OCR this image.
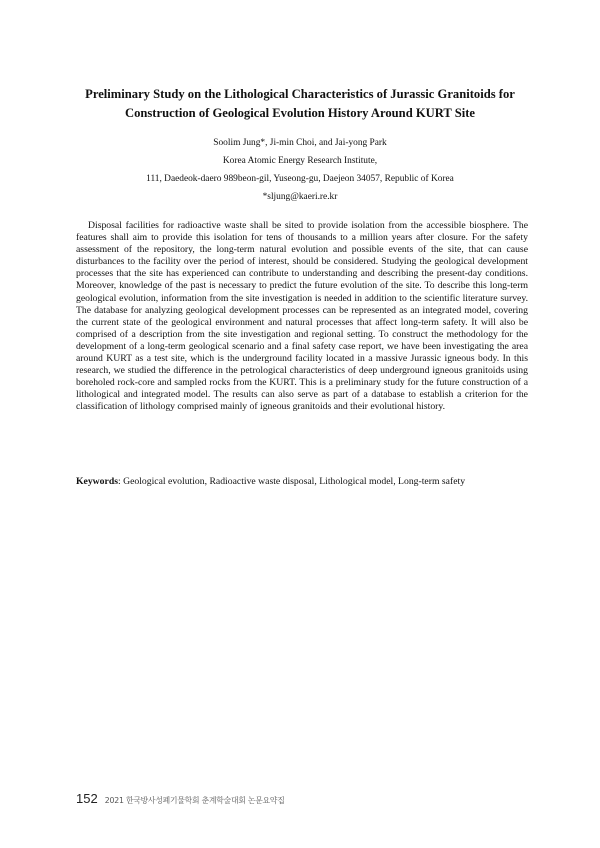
Preliminary Study on the Lithological Characteristics of Jurassic Granitoids for
Construction of Geological Evolution History Around KURT Site
Soolim Jung*, Ji-min Choi, and Jai-yong Park
Korea Atomic Energy Research Institute,
111, Daedeok-daero 989beon-gil, Yuseong-gu, Daejeon 34057, Republic of Korea
*sljung@kaeri.re.kr

Disposal facilities for radioactive waste shall be sited to provide isolation from the accessible biosphere. The features shall aim to provide this isolation for tens of thousands to a million years after closure. For the safety assessment of the repository, the long-term natural evolution and possible events of the site, that can cause disturbances to the facility over the period of interest, should be considered. Studying the geological development processes that the site has experienced can contribute to understanding and describing the present-day conditions. Moreover, knowledge of the past is necessary to predict the future evolution of the site. To describe this long-term geological evolution, information from the site investigation is needed in addition to the scientific literature survey. The database for analyzing geological development processes can be represented as an integrated model, covering the current state of the geological environment and natural processes that affect long-term safety. It will also be comprised of a description from the site investigation and regional setting. To construct the methodology for the development of a long-term geological scenario and a final safety case report, we have been investigating the area around KURT as a test site, which is the underground facility located in a massive Jurassic igneous body. In this research, we studied the difference in the petrological characteristics of deep underground igneous granitoids using boreholed rock-core and sampled rocks from the KURT. This is a preliminary study for the future construction of a lithological and integrated model. The results can also serve as part of a database to establish a criterion for the classification of lithology comprised mainly of igneous granitoids and their evolutional history.

Keywords: Geological evolution, Radioactive waste disposal, Lithological model, Long-term safety
152 2021 한국방사성폐기물학회 춘계학술대회 논문요약집
